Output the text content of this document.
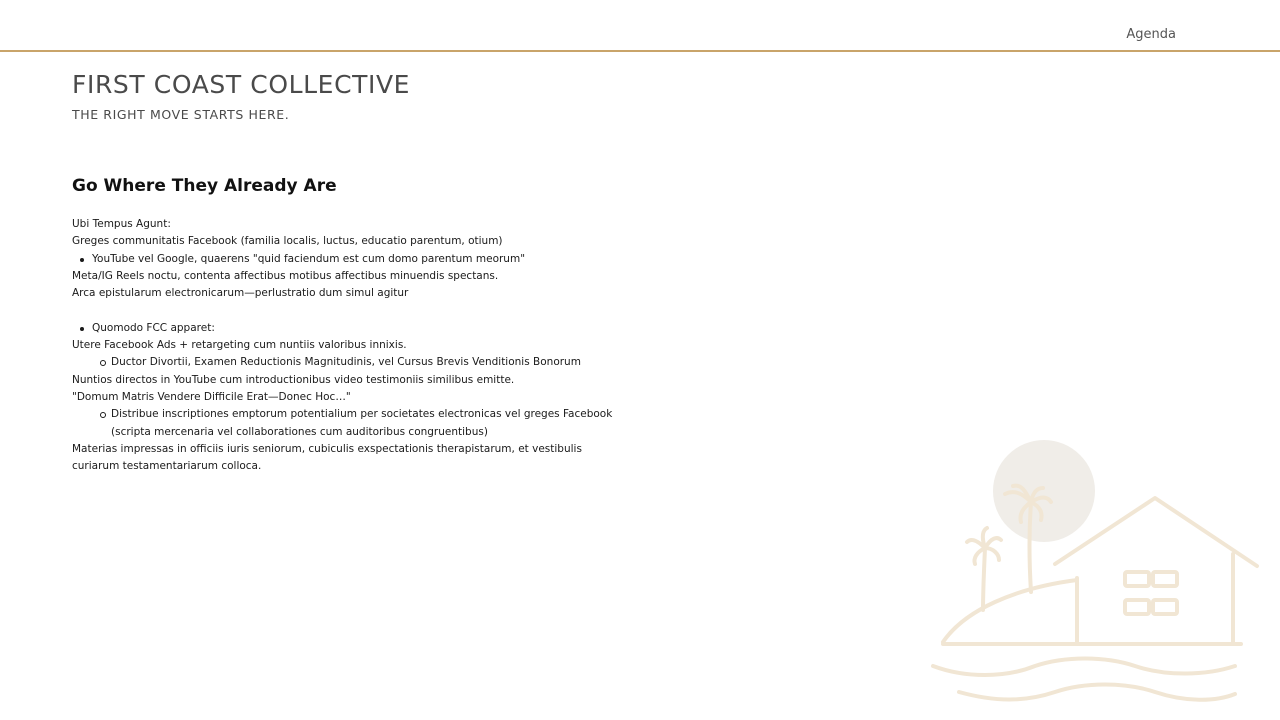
Agenda
FIRST COAST COLLECTIVE
THE RIGHT MOVE STARTS HERE.
Go Where They Already Are
Ubi Tempus Agunt:
Greges communitatis Facebook (familia localis, luctus, educatio parentum, otium)
YouTube vel Google, quaerens "quid faciendum est cum domo parentum meorum"
Meta/IG Reels noctu, contenta affectibus motibus affectibus minuendis spectans.
Arca epistularum electronicarum—perlustratio dum simul agitur
Quomodo FCC apparet:
Utere Facebook Ads + retargeting cum nuntiis valoribus innixis.
Ductor Divortii, Examen Reductionis Magnitudinis, vel Cursus Brevis Venditionis Bonorum
Nuntios directos in YouTube cum introductionibus video testimoniis similibus emitte.
"Domum Matris Vendere Difficile Erat—Donec Hoc…"
Distribue inscriptiones emptorum potentialium per societates electronicas vel greges Facebook (scripta mercenaria vel collaborationes cum auditoribus congruentibus)
Materias impressas in officiis iuris seniorum, cubiculis exspectationis therapistarum, et vestibulis curiarum testamentariarum colloca.
